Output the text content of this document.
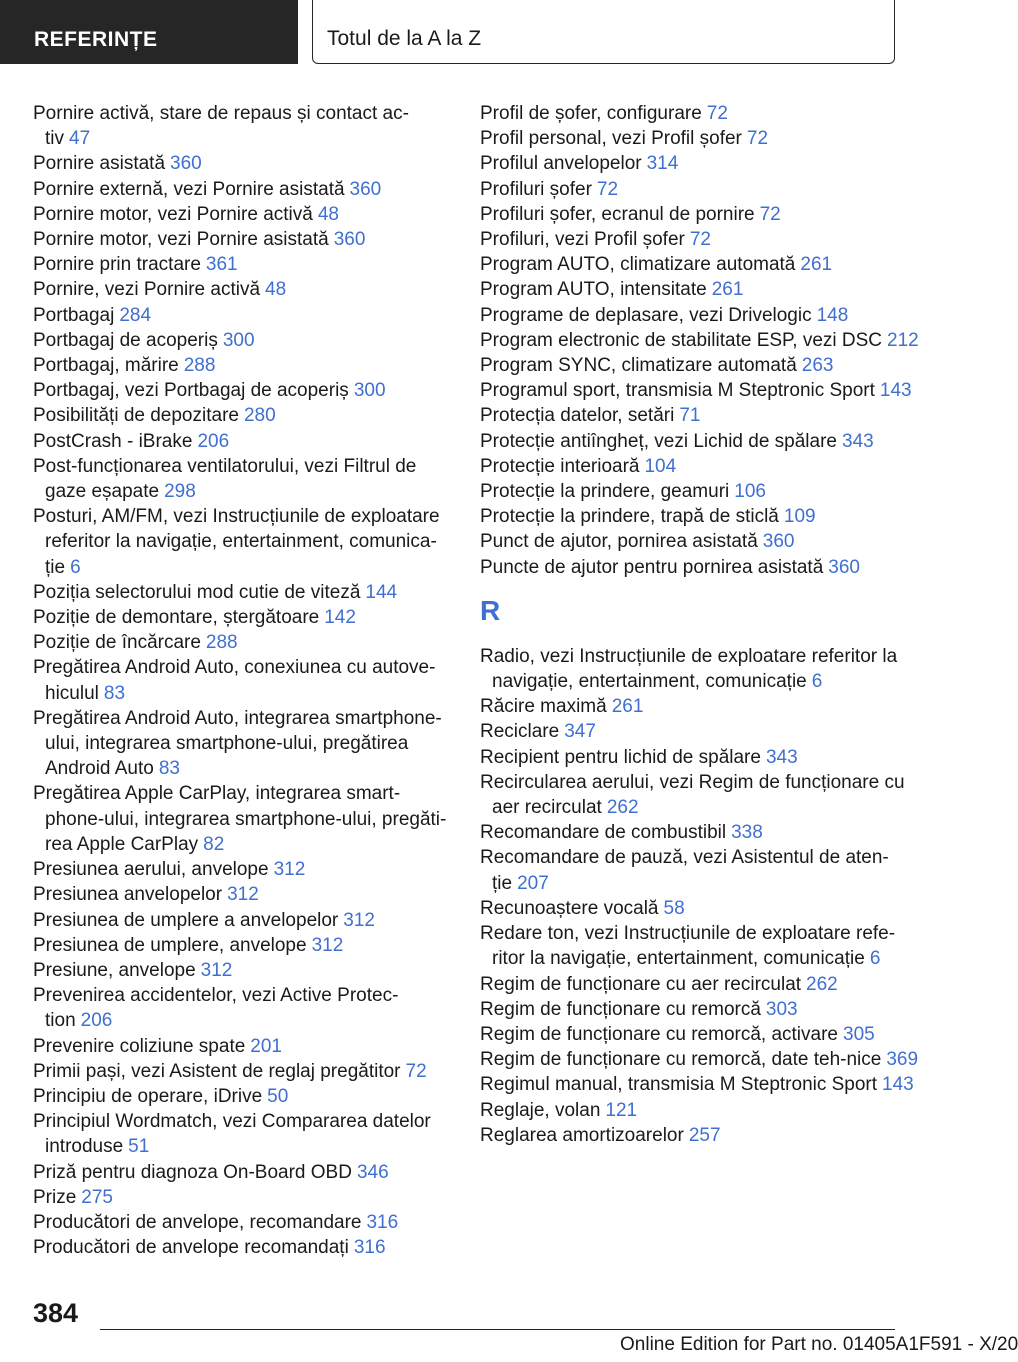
REFERINȚE	Totul de la A la Z
Pornire activă, stare de repaus și contact ac-tiv 47
Pornire asistată 360
Pornire externă, vezi Pornire asistată 360
Pornire motor, vezi Pornire activă 48
Pornire motor, vezi Pornire asistată 360
Pornire prin tractare 361
Pornire, vezi Pornire activă 48
Portbagaj 284
Portbagaj de acoperiș 300
Portbagaj, mărire 288
Portbagaj, vezi Portbagaj de acoperiș 300
Posibilități de depozitare 280
PostCrash - iBrake 206
Post-funcționarea ventilatorului, vezi Filtrul de gaze eșapate 298
Posturi, AM/FM, vezi Instrucțiunile de exploatare referitor la navigație, entertainment, comunica-ție 6
Poziția selectorului mod cutie de viteză 144
Poziție de demontare, ștergătoare 142
Poziție de încărcare 288
Pregătirea Android Auto, conexiunea cu autove-hiculul 83
Pregătirea Android Auto, integrarea smartphone-ului, integrarea smartphone-ului, pregătirea Android Auto 83
Pregătirea Apple CarPlay, integrarea smart-phone-ului, integrarea smartphone-ului, pregăti-rea Apple CarPlay 82
Presiunea aerului, anvelope 312
Presiunea anvelopelor 312
Presiunea de umplere a anvelopelor 312
Presiunea de umplere, anvelope 312
Presiune, anvelope 312
Prevenirea accidentelor, vezi Active Protec-tion 206
Prevenire coliziune spate 201
Primii pași, vezi Asistent de reglaj pregătitor 72
Principiu de operare, iDrive 50
Principiul Wordmatch, vezi Compararea datelor introduse 51
Priză pentru diagnoza On-Board OBD 346
Prize 275
Producători de anvelope, recomandare 316
Producători de anvelope recomandați 316
Profil de șofer, configurare 72
Profil personal, vezi Profil șofer 72
Profilul anvelopelor 314
Profiluri șofer 72
Profiluri șofer, ecranul de pornire 72
Profiluri, vezi Profil șofer 72
Program AUTO, climatizare automată 261
Program AUTO, intensitate 261
Programe de deplasare, vezi Drivelogic 148
Program electronic de stabilitate ESP, vezi DSC 212
Program SYNC, climatizare automată 263
Programul sport, transmisia M Steptronic Sport 143
Protecția datelor, setări 71
Protecție antiîngheț, vezi Lichid de spălare 343
Protecție interioară 104
Protecție la prindere, geamuri 106
Protecție la prindere, trapă de sticlă 109
Punct de ajutor, pornirea asistată 360
Puncte de ajutor pentru pornirea asistată 360
R
Radio, vezi Instrucțiunile de exploatare referitor la navigație, entertainment, comunicație 6
Răcire maximă 261
Reciclare 347
Recipient pentru lichid de spălare 343
Recircularea aerului, vezi Regim de funcționare cu aer recirculat 262
Recomandare de combustibil 338
Recomandare de pauză, vezi Asistentul de aten-ție 207
Recunoaștere vocală 58
Redare ton, vezi Instrucțiunile de exploatare refe-ritor la navigație, entertainment, comunicație 6
Regim de funcționare cu aer recirculat 262
Regim de funcționare cu remorcă 303
Regim de funcționare cu remorcă, activare 305
Regim de funcționare cu remorcă, date teh-nice 369
Regimul manual, transmisia M Steptronic Sport 143
Reglaje, volan 121
Reglarea amortizoarelor 257
384
Online Edition for Part no. 01405A1F591 - X/20
